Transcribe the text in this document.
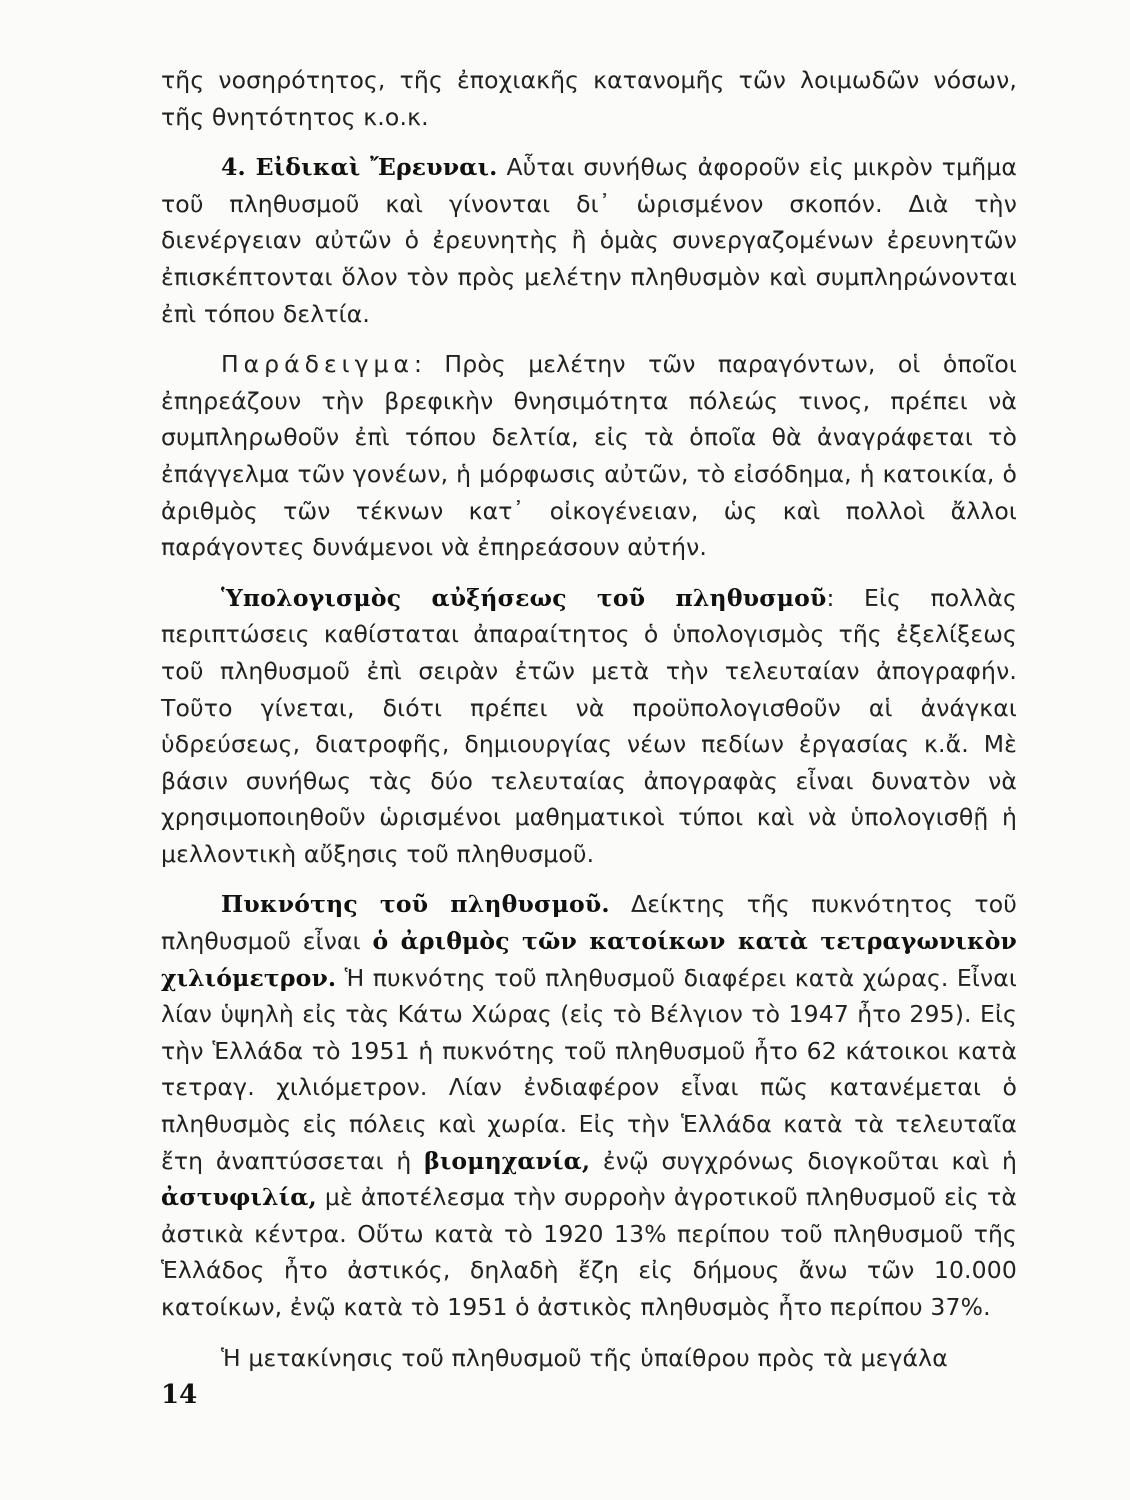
τῆς νοσηρότητος, τῆς ἐποχιακῆς κατανομῆς τῶν λοιμωδῶν νόσων, τῆς θνητότητος κ.ο.κ.

4. Εἰδικαὶ Ἔρευναι. Αὗται συνήθως ἀφοροῦν εἰς μικρὸν τμῆμα τοῦ πληθυσμοῦ καὶ γίνονται δι᾽ ὡρισμένον σκοπόν. Διὰ τὴν διενέργειαν αὐτῶν ὁ ἐρευνητὴς ἢ ὁμὰς συνεργαζομένων ἐρευνητῶν ἐπισκέπτονται ὅλον τὸν πρὸς μελέτην πληθυσμὸν καὶ συμπληρώνονται ἐπὶ τόπου δελτία.

Παράδειγμα: Πρὸς μελέτην τῶν παραγόντων, οἱ ὁποῖοι ἐπηρεάζουν τὴν βρεφικὴν θνησιμότητα πόλεώς τινος, πρέπει νὰ συμπληρωθοῦν ἐπὶ τόπου δελτία, εἰς τὰ ὁποῖα θὰ ἀναγράφεται τὸ ἐπάγγελμα τῶν γονέων, ἡ μόρφωσις αὐτῶν, τὸ εἰσόδημα, ἡ κατοικία, ὁ ἀριθμὸς τῶν τέκνων κατ᾽ οἰκογένειαν, ὡς καὶ πολλοὶ ἄλλοι παράγοντες δυνάμενοι νὰ ἐπηρεάσουν αὐτήν.

Ὑπολογισμὸς αὐξήσεως τοῦ πληθυσμοῦ: Εἰς πολλὰς περιπτώσεις καθίσταται ἀπαραίτητος ὁ ὑπολογισμὸς τῆς ἐξελίξεως τοῦ πληθυσμοῦ ἐπὶ σειρὰν ἐτῶν μετὰ τὴν τελευταίαν ἀπογραφήν. Τοῦτο γίνεται, διότι πρέπει νὰ προϋπολογισθοῦν αἱ ἀνάγκαι ὑδρεύσεως, διατροφῆς, δημιουργίας νέων πεδίων ἐργασίας κ.ἄ. Μὲ βάσιν συνήθως τὰς δύο τελευταίας ἀπογραφὰς εἶναι δυνατὸν νὰ χρησιμοποιηθοῦν ὡρισμένοι μαθηματικοὶ τύποι καὶ νὰ ὑπολογισθῇ ἡ μελλοντικὴ αὔξησις τοῦ πληθυσμοῦ.

Πυκνότης τοῦ πληθυσμοῦ. Δείκτης τῆς πυκνότητος τοῦ πληθυσμοῦ εἶναι ὁ ἀριθμὸς τῶν κατοίκων κατὰ τετραγωνικὸν χιλιόμετρον. Ἡ πυκνότης τοῦ πληθυσμοῦ διαφέρει κατὰ χώρας. Εἶναι λίαν ὑψηλὴ εἰς τὰς Κάτω Χώρας (εἰς τὸ Βέλγιον τὸ 1947 ἦτο 295). Εἰς τὴν Ἑλλάδα τὸ 1951 ἡ πυκνότης τοῦ πληθυσμοῦ ἦτο 62 κάτοικοι κατὰ τετραγ. χιλιόμετρον. Λίαν ἐνδιαφέρον εἶναι πῶς κατανέμεται ὁ πληθυσμὸς εἰς πόλεις καὶ χωρία. Εἰς τὴν Ἑλλάδα κατὰ τὰ τελευταῖα ἔτη ἀναπτύσσεται ἡ βιομηχανία, ἐνῷ συγχρόνως διογκοῦται καὶ ἡ ἀστυφιλία, μὲ ἀποτέλεσμα τὴν συρροὴν ἀγροτικοῦ πληθυσμοῦ εἰς τὰ ἀστικὰ κέντρα. Οὕτω κατὰ τὸ 1920 13% περίπου τοῦ πληθυσμοῦ τῆς Ἑλλάδος ἦτο ἀστικός, δηλαδὴ ἔζη εἰς δήμους ἄνω τῶν 10.000 κατοίκων, ἐνῷ κατὰ τὸ 1951 ὁ ἀστικὸς πληθυσμὸς ἦτο περίπου 37%.

Ἡ μετακίνησις τοῦ πληθυσμοῦ τῆς ὑπαίθρου πρὸς τὰ μεγάλα

14
